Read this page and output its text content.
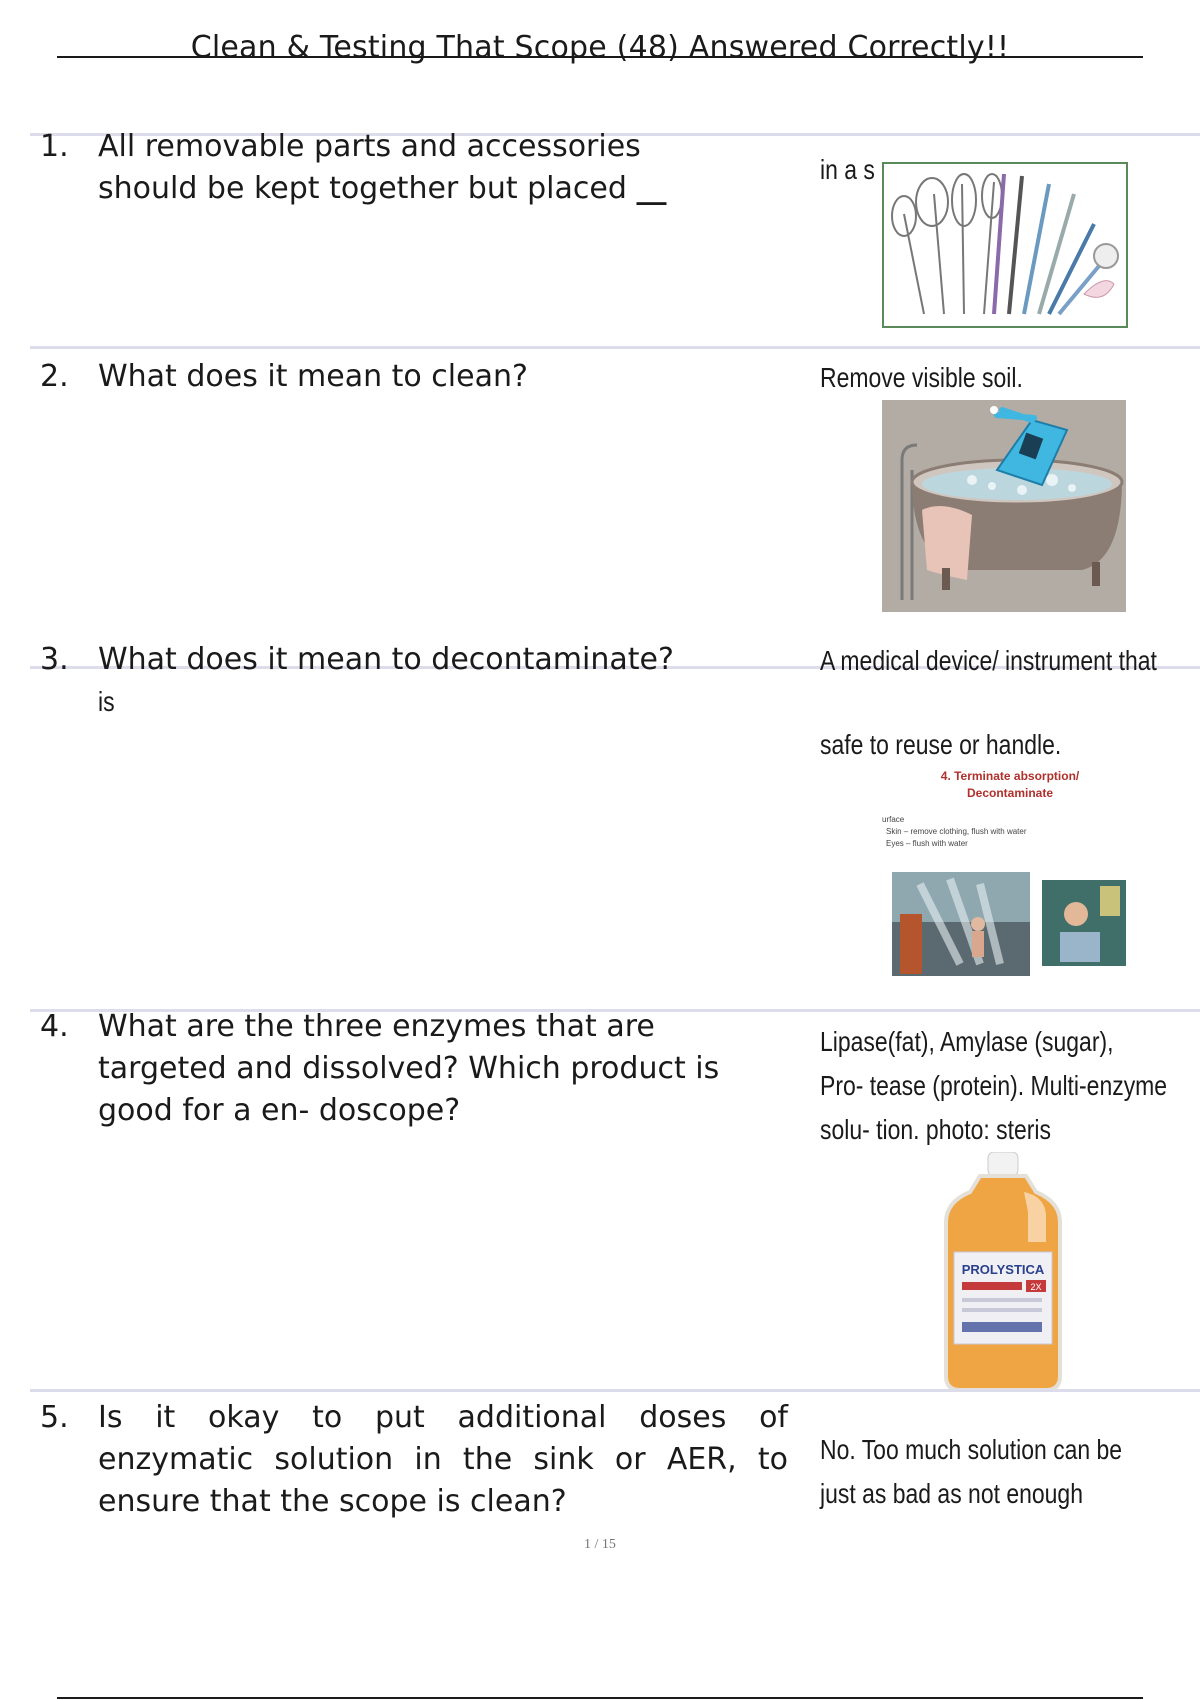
Clean & Testing That Scope (48) Answered Correctly!!
1. All removable parts and accessories
should be kept together but placed __
in a s
2. What does it mean to clean?	Remove visible soil.
3. What does it mean to decontaminate?	A medical device/ instrument that
is
safe to reuse or handle.
4. Terminate absorption/
Decontaminate
urface
Skin – remove clothing, flush with water
Eyes – flush with water
4. What are the three enzymes that are
targeted and dissolved? Which product is
good for a en- doscope?
Lipase(fat), Amylase (sugar),
Pro- tease (protein). Multi-enzyme
solu- tion. photo: steris
PROLYSTICA
2X
5. Is it okay to put additional doses of
enzymatic solution in the sink or AER, to
ensure that the scope is clean?
No. Too much solution can be
just as bad as not enough
1 / 15
